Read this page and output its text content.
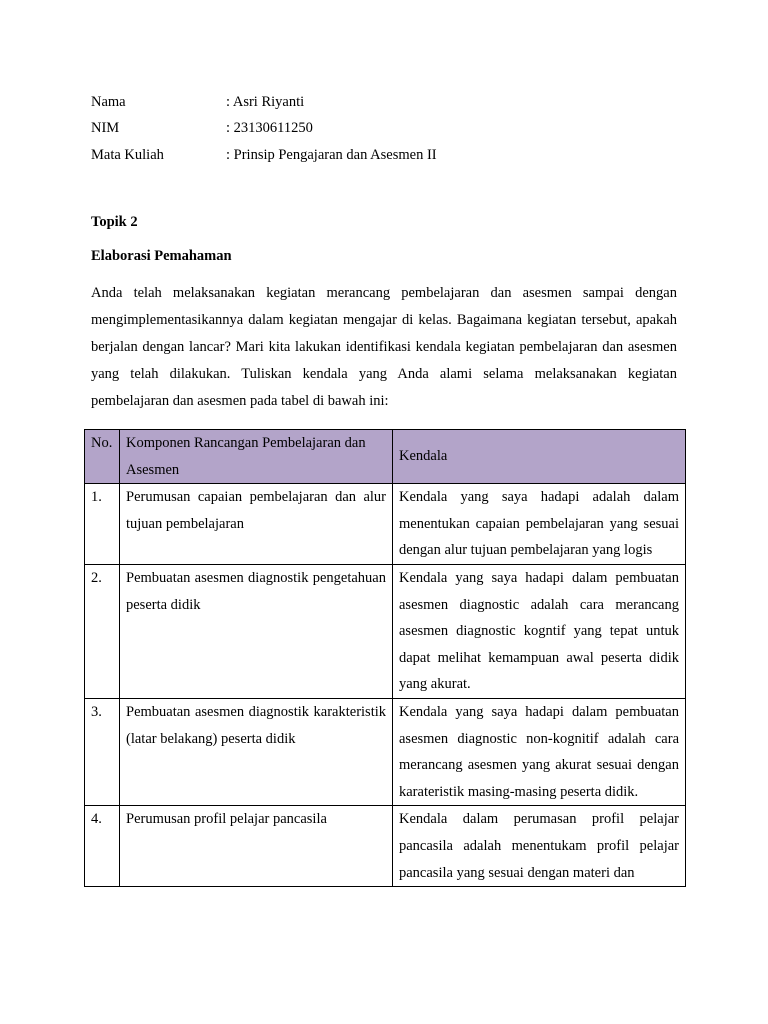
Nama	: Asri Riyanti
NIM	: 23130611250
Mata Kuliah	: Prinsip Pengajaran dan Asesmen II
Topik 2
Elaborasi Pemahaman

Anda telah melaksanakan kegiatan merancang pembelajaran dan asesmen sampai dengan mengimplementasikannya dalam kegiatan mengajar di kelas. Bagaimana kegiatan tersebut, apakah berjalan dengan lancar? Mari kita lakukan identifikasi kendala kegiatan pembelajaran dan asesmen yang telah dilakukan. Tuliskan kendala yang Anda alami selama melaksanakan kegiatan pembelajaran dan asesmen pada tabel di bawah ini:

No.	Komponen Rancangan Pembelajaran dan Asesmen	Kendala
1.	Perumusan capaian pembelajaran dan alur tujuan pembelajaran	Kendala yang saya hadapi adalah dalam menentukan capaian pembelajaran yang sesuai dengan alur tujuan pembelajaran yang logis
2.	Pembuatan asesmen diagnostik pengetahuan peserta didik	Kendala yang saya hadapi dalam pembuatan asesmen diagnostic adalah cara merancang asesmen diagnostic kogntif yang tepat untuk dapat melihat kemampuan awal peserta didik yang akurat.
3.	Pembuatan asesmen diagnostik karakteristik (latar belakang) peserta didik	Kendala yang saya hadapi dalam pembuatan asesmen diagnostic non-kognitif adalah cara merancang asesmen yang akurat sesuai dengan karateristik masing-masing peserta didik.
4.	Perumusan profil pelajar pancasila	Kendala dalam perumasan profil pelajar pancasila adalah menentukam profil pelajar pancasila yang sesuai dengan materi dan
